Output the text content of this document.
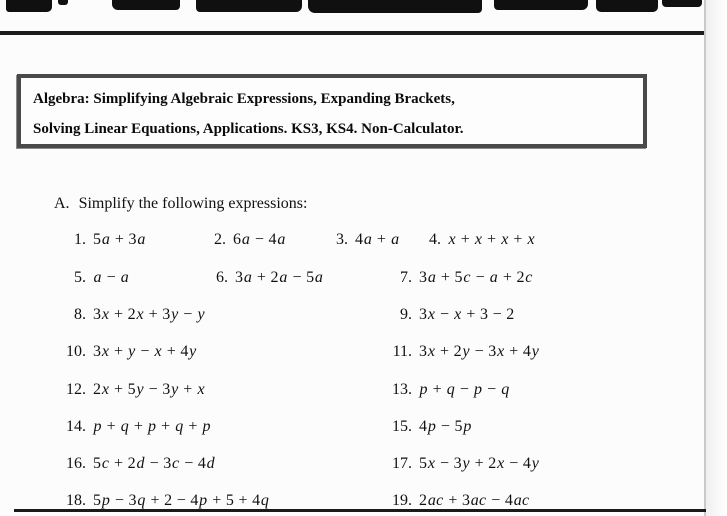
Algebra: Simplifying Algebraic Expressions, Expanding Brackets,
Solving Linear Equations, Applications. KS3, KS4. Non-Calculator.
A. Simplify the following expressions:
1. 5a + 3a	2. 6a − 4a	3. 4a + a	4. x + x + x + x
5. a − a	6. 3a + 2a − 5a	7. 3a + 5c − a + 2c
8. 3x + 2x + 3y − y	9. 3x − x + 3 − 2
10. 3x + y − x + 4y	11. 3x + 2y − 3x + 4y
12. 2x + 5y − 3y + x	13. p + q − p − q
14. p + q + p + q + p	15. 4p − 5p
16. 5c + 2d − 3c − 4d	17. 5x − 3y + 2x − 4y
18. 5p − 3q + 2 − 4p + 5 + 4q	19. 2ac + 3ac − 4ac
